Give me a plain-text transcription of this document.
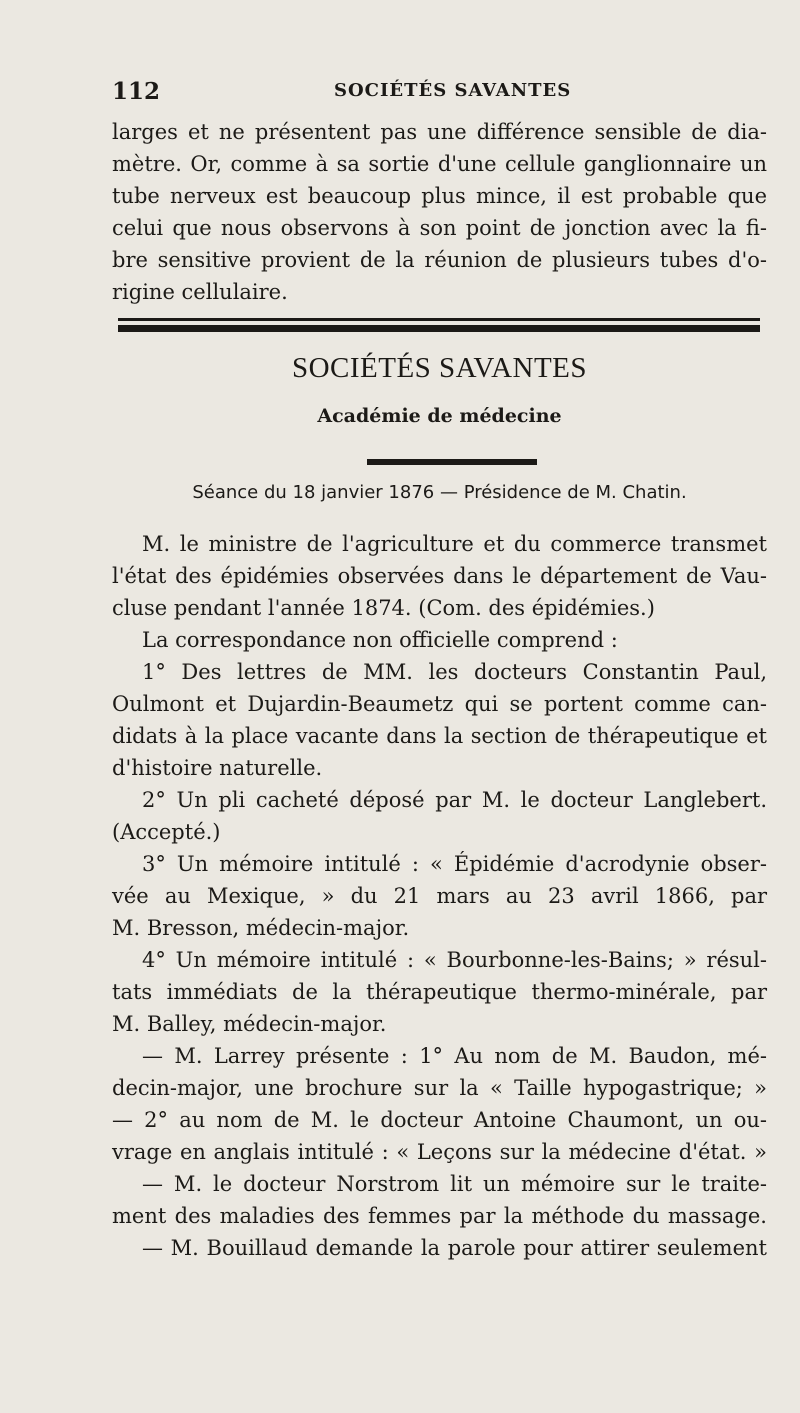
112	SOCIÉTÉS SAVANTES
larges et ne présentent pas une différence sensible de dia-
mètre. Or, comme à sa sortie d'une cellule ganglionnaire un
tube nerveux est beaucoup plus mince, il est probable que
celui que nous observons à son point de jonction avec la fi-
bre sensitive provient de la réunion de plusieurs tubes d'o-
rigine cellulaire.
SOCIÉTÉS SAVANTES
Académie de médecine
Séance du 18 janvier 1876 — Présidence de M. Chatin.
M. le ministre de l'agriculture et du commerce transmet
l'état des épidémies observées dans le département de Vau-
cluse pendant l'année 1874. (Com. des épidémies.)
La correspondance non officielle comprend :
1° Des lettres de MM. les docteurs Constantin Paul,
Oulmont et Dujardin-Beaumetz qui se portent comme can-
didats à la place vacante dans la section de thérapeutique et
d'histoire naturelle.
2° Un pli cacheté déposé par M. le docteur Langlebert.
(Accepté.)
3° Un mémoire intitulé : « Épidémie d'acrodynie obser-
vée au Mexique, » du 21 mars au 23 avril 1866, par
M. Bresson, médecin-major.
4° Un mémoire intitulé : « Bourbonne-les-Bains; » résul-
tats immédiats de la thérapeutique thermo-minérale, par
M. Balley, médecin-major.
— M. Larrey présente : 1° Au nom de M. Baudon, mé-
decin-major, une brochure sur la « Taille hypogastrique; »
— 2° au nom de M. le docteur Antoine Chaumont, un ou-
vrage en anglais intitulé : « Leçons sur la médecine d'état. »
— M. le docteur Norstrom lit un mémoire sur le traite-
ment des maladies des femmes par la méthode du massage.
— M. Bouillaud demande la parole pour attirer seulement
